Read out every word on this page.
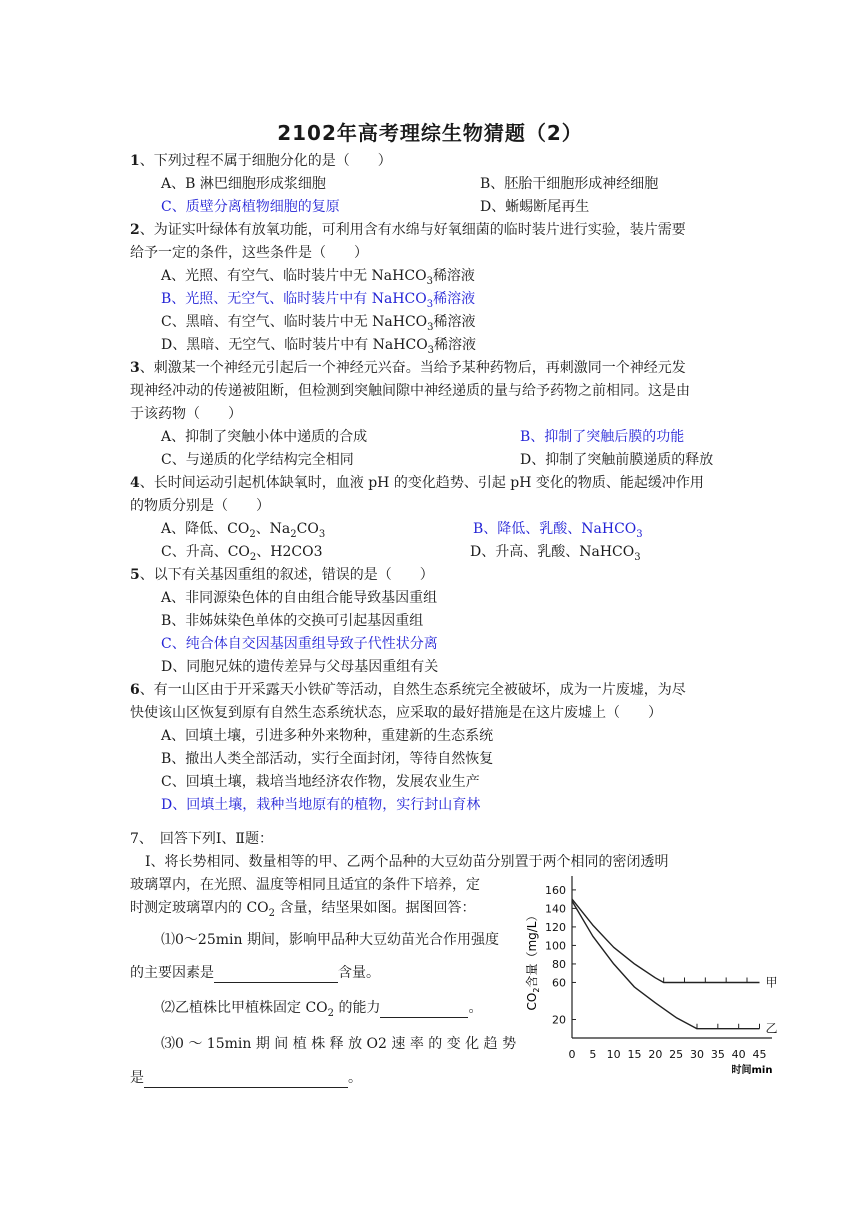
2102年高考理综生物猜题（2）
1、下列过程不属于细胞分化的是（　　）
A、B 淋巴细胞形成浆细胞	B、胚胎干细胞形成神经细胞
C、质壁分离植物细胞的复原	D、蜥蜴断尾再生
2、为证实叶绿体有放氧功能，可利用含有水绵与好氧细菌的临时装片进行实验，装片需要
给予一定的条件，这些条件是（　　）
A、光照、有空气、临时装片中无 NaHCO$_3$稀溶液
B、光照、无空气、临时装片中有 NaHCO$_3$稀溶液
C、黑暗、有空气、临时装片中无 NaHCO$_3$稀溶液
D、黑暗、无空气、临时装片中有 NaHCO$_3$稀溶液
3、刺激某一个神经元引起后一个神经元兴奋。当给予某种药物后，再刺激同一个神经元发
现神经冲动的传递被阻断，但检测到突触间隙中神经递质的量与给予药物之前相同。这是由
于该药物（　　）
A、抑制了突触小体中递质的合成	B、抑制了突触后膜的功能
C、与递质的化学结构完全相同	D、抑制了突触前膜递质的释放
4、长时间运动引起机体缺氧时，血液 pH 的变化趋势、引起 pH 变化的物质、能起缓冲作用
的物质分别是（　　）
A、降低、$CO_2$、$Na_2CO_3$	B、降低、乳酸、NaHCO$_3$
C、升高、$CO_2$、H2CO3	D、升高、乳酸、NaHCO$_3$
5、以下有关基因重组的叙述，错误的是（　　）
A、非同源染色体的自由组合能导致基因重组
B、非姊妹染色单体的交换可引起基因重组
C、纯合体自交因基因重组导致子代性状分离
D、同胞兄妹的遗传差异与父母基因重组有关
6、有一山区由于开采露天小铁矿等活动，自然生态系统完全被破坏，成为一片废墟，为尽
快使该山区恢复到原有自然生态系统状态，应采取的最好措施是在这片废墟上（　　）
A、回填土壤，引进多种外来物种，重建新的生态系统
B、撤出人类全部活动，实行全面封闭，等待自然恢复
C、回填土壤，栽培当地经济农作物，发展农业生产
D、回填土壤，栽种当地原有的植物，实行封山育林
7、　回答下列Ⅰ、Ⅱ题：
Ⅰ、将长势相同、数量相等的甲、乙两个品种的大豆幼苗分别置于两个相同的密闭透明
玻璃罩内，在光照、温度等相同且适宜的条件下培养，定
时测定玻璃罩内的 $CO_2$ 含量，结坚果如图。据图回答：
⑴0～25min 期间，影响甲品种大豆幼苗光合作用强度
的主要因素是	含量。
⑵乙植株比甲植株固定 $CO_2$ 的能力	。
⑶0 ～ 15min 期 间 植 株 释 放 O2 速 率 的 变 化 趋 势
是	。
$CO_2$含量（mg/L）
20
60
80
100
120
140
160
0 5 10 15 20 25 30 35 40 45
甲
乙
时间min
